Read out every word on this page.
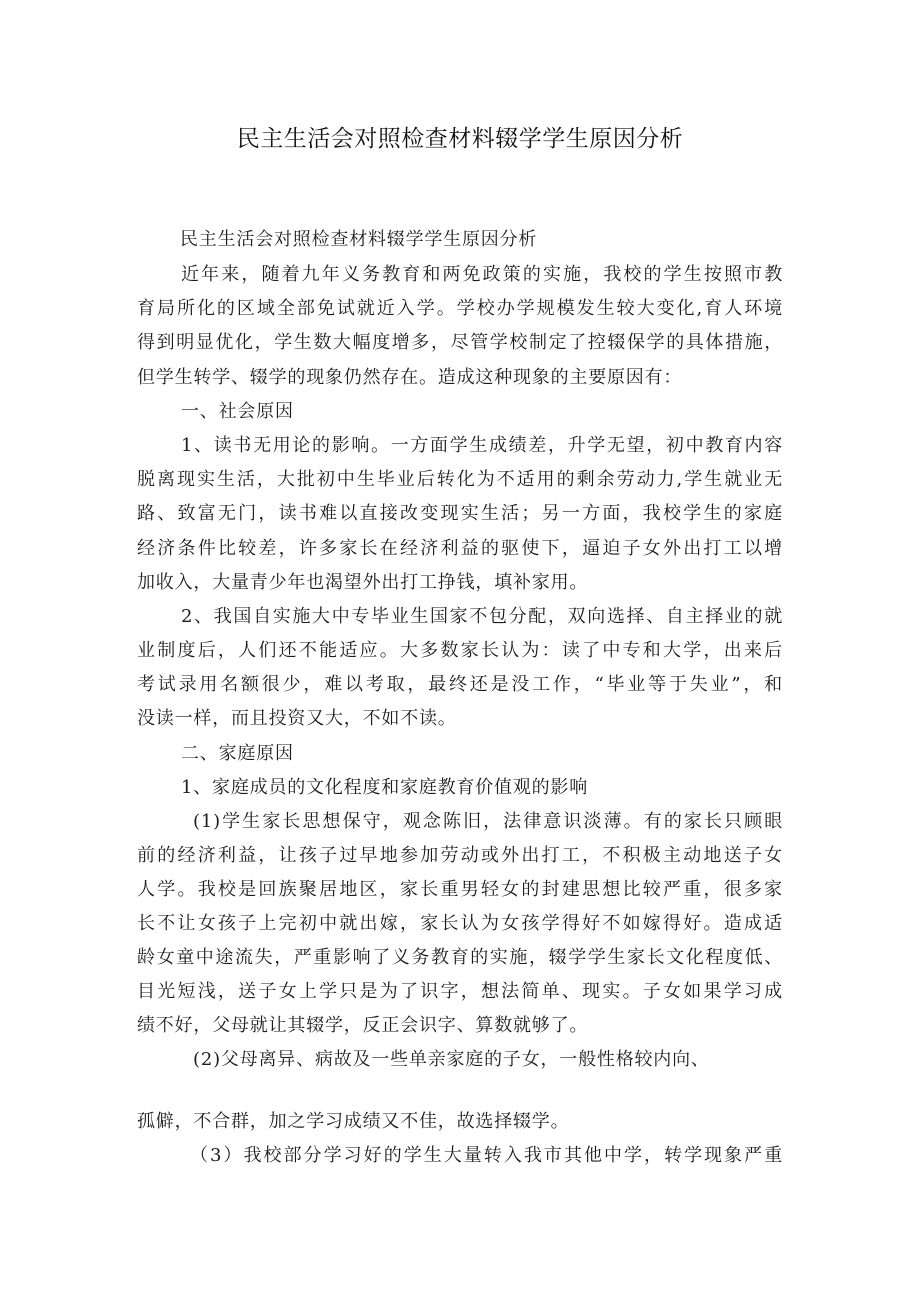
民主生活会对照检查材料辍学学生原因分析
民主生活会对照检查材料辍学学生原因分析
近年来，随着九年义务教育和两免政策的实施，我校的学生按照市教
育局所化的区域全部免试就近入学。学校办学规模发生较大变化,育人环境
得到明显优化，学生数大幅度增多，尽管学校制定了控辍保学的具体措施，
但学生转学、辍学的现象仍然存在。造成这种现象的主要原因有：
一、社会原因
1、读书无用论的影响。一方面学生成绩差，升学无望，初中教育内容
脱离现实生活，大批初中生毕业后转化为不适用的剩余劳动力,学生就业无
路、致富无门，读书难以直接改变现实生活；另一方面，我校学生的家庭
经济条件比较差，许多家长在经济利益的驱使下，逼迫子女外出打工以增
加收入，大量青少年也渴望外出打工挣钱，填补家用。
2、我国自实施大中专毕业生国家不包分配，双向选择、自主择业的就
业制度后，人们还不能适应。大多数家长认为：读了中专和大学，出来后
考试录用名额很少，难以考取，最终还是没工作，“毕业等于失业”，和
没读一样，而且投资又大，不如不读。
二、家庭原因
1、家庭成员的文化程度和家庭教育价值观的影响
(1)学生家长思想保守，观念陈旧，法律意识淡薄。有的家长只顾眼
前的经济利益，让孩子过早地参加劳动或外出打工，不积极主动地送子女
人学。我校是回族聚居地区，家长重男轻女的封建思想比较严重，很多家
长不让女孩子上完初中就出嫁，家长认为女孩学得好不如嫁得好。造成适
龄女童中途流失，严重影响了义务教育的实施，辍学学生家长文化程度低、
目光短浅，送子女上学只是为了识字，想法简单、现实。子女如果学习成
绩不好，父母就让其辍学，反正会识字、算数就够了。
(2)父母离异、病故及一些单亲家庭的子女，一般性格较内向、
孤僻，不合群，加之学习成绩又不佳，故选择辍学。
（3）我校部分学习好的学生大量转入我市其他中学，转学现象严重
